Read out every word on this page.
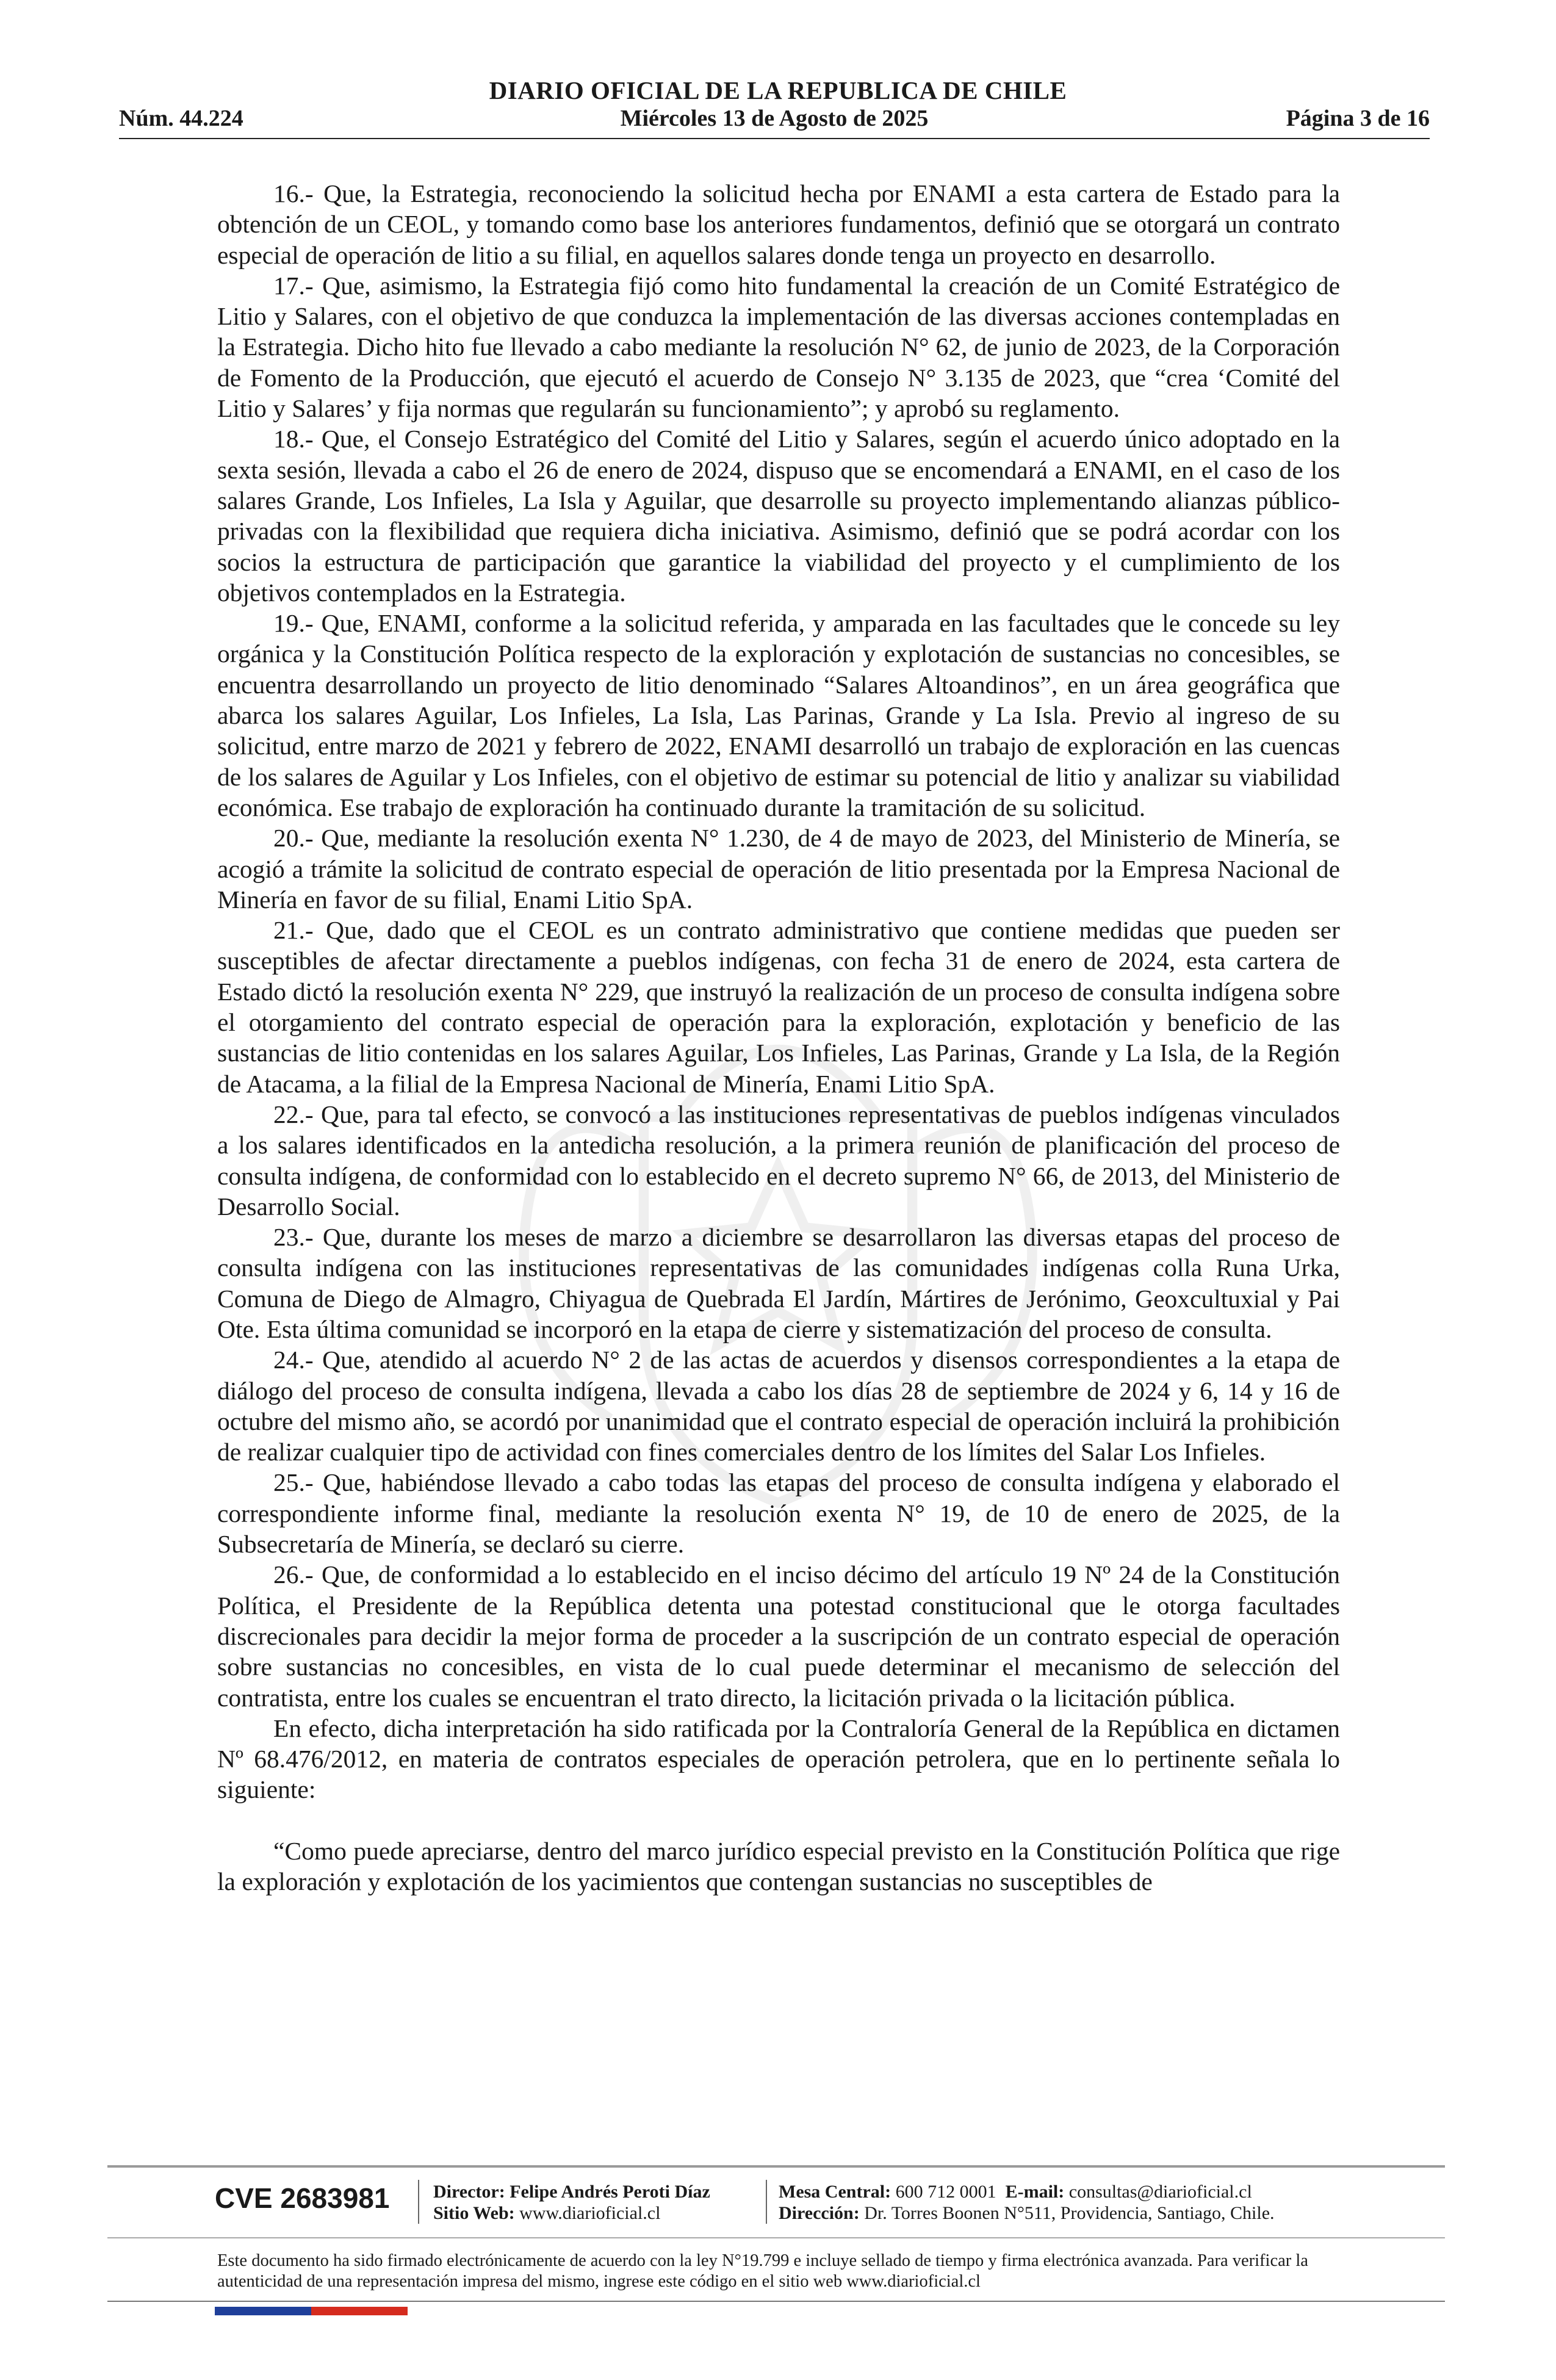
DIARIO OFICIAL DE LA REPUBLICA DE CHILE
Núm. 44.224	Miércoles 13 de Agosto de 2025	Página 3 de 16

16.- Que, la Estrategia, reconociendo la solicitud hecha por ENAMI a esta cartera de Estado para la obtención de un CEOL, y tomando como base los anteriores fundamentos, definió que se otorgará un contrato especial de operación de litio a su filial, en aquellos salares donde tenga un proyecto en desarrollo.

17.- Que, asimismo, la Estrategia fijó como hito fundamental la creación de un Comité Estratégico de Litio y Salares, con el objetivo de que conduzca la implementación de las diversas acciones contempladas en la Estrategia. Dicho hito fue llevado a cabo mediante la resolución N° 62, de junio de 2023, de la Corporación de Fomento de la Producción, que ejecutó el acuerdo de Consejo N° 3.135 de 2023, que “crea ‘Comité del Litio y Salares’ y fija normas que regularán su funcionamiento”; y aprobó su reglamento.

18.- Que, el Consejo Estratégico del Comité del Litio y Salares, según el acuerdo único adoptado en la sexta sesión, llevada a cabo el 26 de enero de 2024, dispuso que se encomendará a ENAMI, en el caso de los salares Grande, Los Infieles, La Isla y Aguilar, que desarrolle su proyecto implementando alianzas público-privadas con la flexibilidad que requiera dicha iniciativa. Asimismo, definió que se podrá acordar con los socios la estructura de participación que garantice la viabilidad del proyecto y el cumplimiento de los objetivos contemplados en la Estrategia.

19.- Que, ENAMI, conforme a la solicitud referida, y amparada en las facultades que le concede su ley orgánica y la Constitución Política respecto de la exploración y explotación de sustancias no concesibles, se encuentra desarrollando un proyecto de litio denominado “Salares Altoandinos”, en un área geográfica que abarca los salares Aguilar, Los Infieles, La Isla, Las Parinas, Grande y La Isla. Previo al ingreso de su solicitud, entre marzo de 2021 y febrero de 2022, ENAMI desarrolló un trabajo de exploración en las cuencas de los salares de Aguilar y Los Infieles, con el objetivo de estimar su potencial de litio y analizar su viabilidad económica. Ese trabajo de exploración ha continuado durante la tramitación de su solicitud.

20.- Que, mediante la resolución exenta N° 1.230, de 4 de mayo de 2023, del Ministerio de Minería, se acogió a trámite la solicitud de contrato especial de operación de litio presentada por la Empresa Nacional de Minería en favor de su filial, Enami Litio SpA.

21.- Que, dado que el CEOL es un contrato administrativo que contiene medidas que pueden ser susceptibles de afectar directamente a pueblos indígenas, con fecha 31 de enero de 2024, esta cartera de Estado dictó la resolución exenta N° 229, que instruyó la realización de un proceso de consulta indígena sobre el otorgamiento del contrato especial de operación para la exploración, explotación y beneficio de las sustancias de litio contenidas en los salares Aguilar, Los Infieles, Las Parinas, Grande y La Isla, de la Región de Atacama, a la filial de la Empresa Nacional de Minería, Enami Litio SpA.

22.- Que, para tal efecto, se convocó a las instituciones representativas de pueblos indígenas vinculados a los salares identificados en la antedicha resolución, a la primera reunión de planificación del proceso de consulta indígena, de conformidad con lo establecido en el decreto supremo N° 66, de 2013, del Ministerio de Desarrollo Social.

23.- Que, durante los meses de marzo a diciembre se desarrollaron las diversas etapas del proceso de consulta indígena con las instituciones representativas de las comunidades indígenas colla Runa Urka, Comuna de Diego de Almagro, Chiyagua de Quebrada El Jardín, Mártires de Jerónimo, Geoxcultuxial y Pai Ote. Esta última comunidad se incorporó en la etapa de cierre y sistematización del proceso de consulta.

24.- Que, atendido al acuerdo N° 2 de las actas de acuerdos y disensos correspondientes a la etapa de diálogo del proceso de consulta indígena, llevada a cabo los días 28 de septiembre de 2024 y 6, 14 y 16 de octubre del mismo año, se acordó por unanimidad que el contrato especial de operación incluirá la prohibición de realizar cualquier tipo de actividad con fines comerciales dentro de los límites del Salar Los Infieles.

25.- Que, habiéndose llevado a cabo todas las etapas del proceso de consulta indígena y elaborado el correspondiente informe final, mediante la resolución exenta N° 19, de 10 de enero de 2025, de la Subsecretaría de Minería, se declaró su cierre.

26.- Que, de conformidad a lo establecido en el inciso décimo del artículo 19 Nº 24 de la Constitución Política, el Presidente de la República detenta una potestad constitucional que le otorga facultades discrecionales para decidir la mejor forma de proceder a la suscripción de un contrato especial de operación sobre sustancias no concesibles, en vista de lo cual puede determinar el mecanismo de selección del contratista, entre los cuales se encuentran el trato directo, la licitación privada o la licitación pública.

En efecto, dicha interpretación ha sido ratificada por la Contraloría General de la República en dictamen Nº 68.476/2012, en materia de contratos especiales de operación petrolera, que en lo pertinente señala lo siguiente:

“Como puede apreciarse, dentro del marco jurídico especial previsto en la Constitución Política que rige la exploración y explotación de los yacimientos que contengan sustancias no susceptibles de

CVE 2683981 Director: Felipe Andrés Peroti Díaz
Sitio Web: www.diarioficial.cl
Mesa Central: 600 712 0001 E-mail: consultas@diarioficial.cl
Dirección: Dr. Torres Boonen N°511, Providencia, Santiago, Chile.
Este documento ha sido firmado electrónicamente de acuerdo con la ley N°19.799 e incluye sellado de tiempo y firma electrónica avanzada. Para verificar la autenticidad de una representación impresa del mismo, ingrese este código en el sitio web www.diarioficial.cl
